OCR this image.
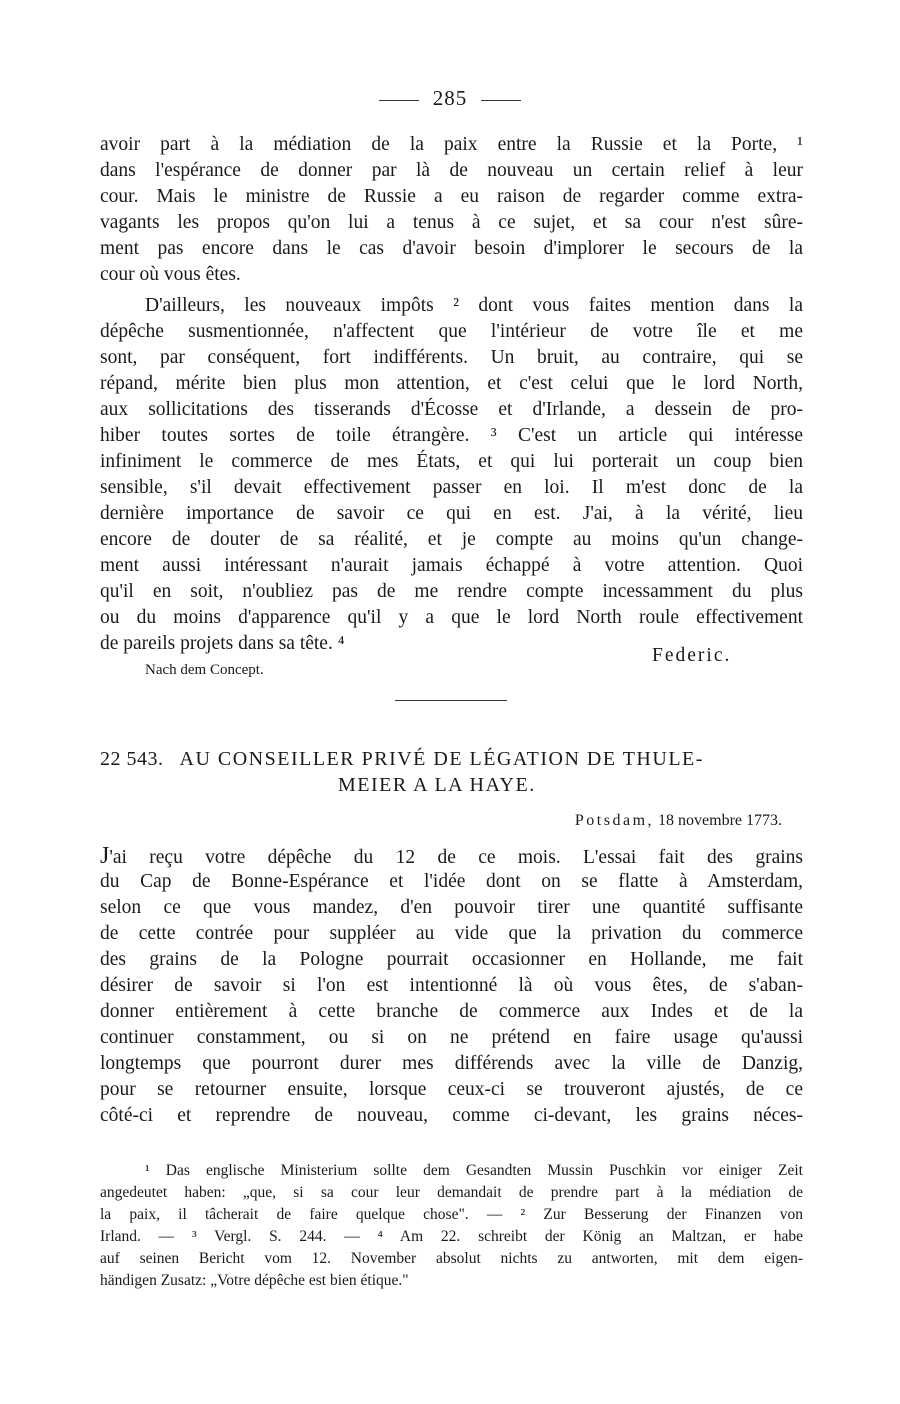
285
avoir part à la médiation de la paix entre la Russie et la Porte, ¹
dans l'espérance de donner par là de nouveau un certain relief à leur
cour. Mais le ministre de Russie a eu raison de regarder comme extra-
vagants les propos qu'on lui a tenus à ce sujet, et sa cour n'est sûre-
ment pas encore dans le cas d'avoir besoin d'implorer le secours de la
cour où vous êtes.
D'ailleurs, les nouveaux impôts ² dont vous faites mention dans la
dépêche susmentionnée, n'affectent que l'intérieur de votre île et me
sont, par conséquent, fort indifférents. Un bruit, au contraire, qui se
répand, mérite bien plus mon attention, et c'est celui que le lord North,
aux sollicitations des tisserands d'Écosse et d'Irlande, a dessein de pro-
hiber toutes sortes de toile étrangère. ³ C'est un article qui intéresse
infiniment le commerce de mes États, et qui lui porterait un coup bien
sensible, s'il devait effectivement passer en loi. Il m'est donc de la
dernière importance de savoir ce qui en est. J'ai, à la vérité, lieu
encore de douter de sa réalité, et je compte au moins qu'un change-
ment aussi intéressant n'aurait jamais échappé à votre attention. Quoi
qu'il en soit, n'oubliez pas de me rendre compte incessamment du plus
ou du moins d'apparence qu'il y a que le lord North roule effectivement
de pareils projets dans sa tête. ⁴
Federic.
Nach dem Concept.
22 543. AU CONSEILLER PRIVÉ DE LÉGATION DE THULE-
MEIER A LA HAYE.
Potsdam, 18 novembre 1773.
J'ai reçu votre dépêche du 12 de ce mois. L'essai fait des grains
du Cap de Bonne-Espérance et l'idée dont on se flatte à Amsterdam,
selon ce que vous mandez, d'en pouvoir tirer une quantité suffisante
de cette contrée pour suppléer au vide que la privation du commerce
des grains de la Pologne pourrait occasionner en Hollande, me fait
désirer de savoir si l'on est intentionné là où vous êtes, de s'aban-
donner entièrement à cette branche de commerce aux Indes et de la
continuer constamment, ou si on ne prétend en faire usage qu'aussi
longtemps que pourront durer mes différends avec la ville de Danzig,
pour se retourner ensuite, lorsque ceux-ci se trouveront ajustés, de ce
côté-ci et reprendre de nouveau, comme ci-devant, les grains néces-
¹ Das englische Ministerium sollte dem Gesandten Mussin Puschkin vor einiger Zeit
angedeutet haben: „que, si sa cour leur demandait de prendre part à la médiation de
la paix, il tâcherait de faire quelque chose". — ² Zur Besserung der Finanzen von
Irland. — ³ Vergl. S. 244. — ⁴ Am 22. schreibt der König an Maltzan, er habe
auf seinen Bericht vom 12. November absolut nichts zu antworten, mit dem eigen-
händigen Zusatz: „Votre dépêche est bien étique."
